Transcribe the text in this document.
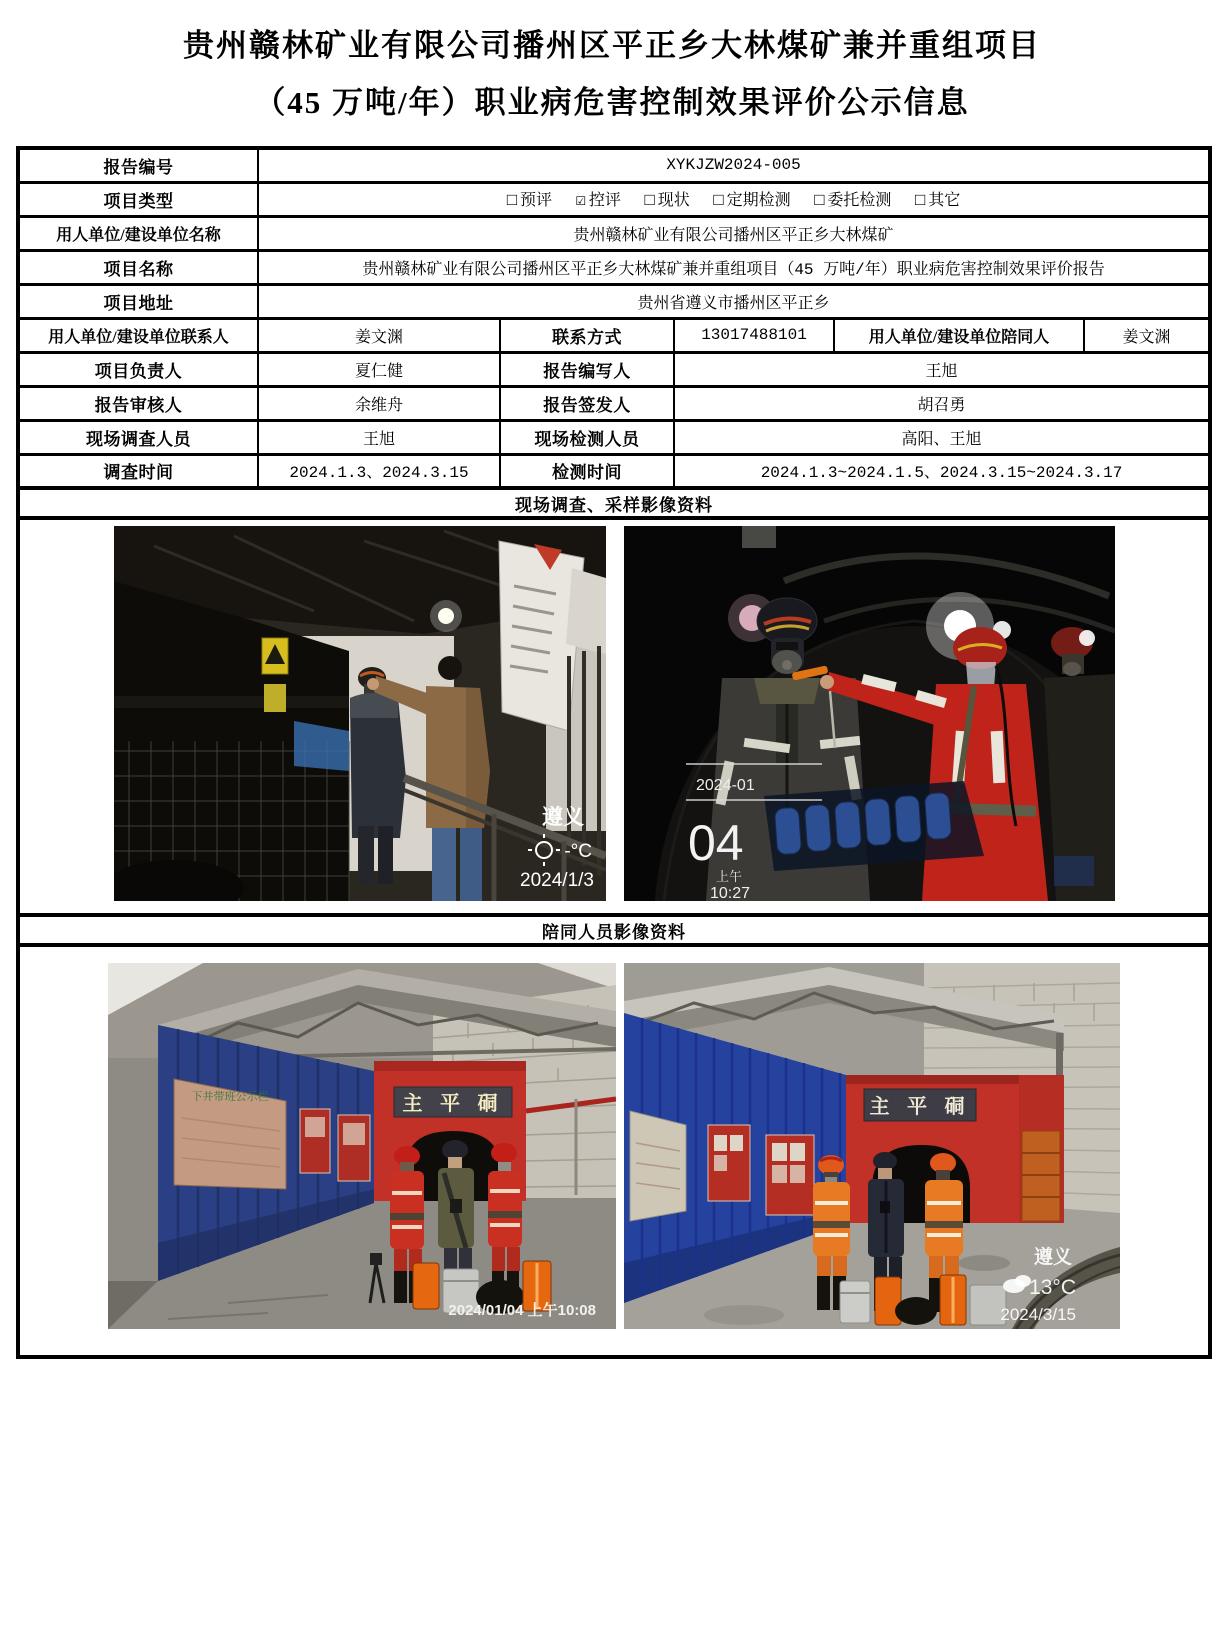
贵州赣林矿业有限公司播州区平正乡大林煤矿兼并重组项目
（45 万吨/年）职业病危害控制效果评价公示信息
报告编号	XYKJZW2024-005				
项目类型	□ 预评 ☑ 控评 □ 现状 □ 定期检测 □ 委托检测 □ 其它				
用人单位/建设单位名称	贵州赣林矿业有限公司播州区平正乡大林煤矿				
项目名称	贵州赣林矿业有限公司播州区平正乡大林煤矿兼并重组项目（45 万吨/年）职业病危害控制效果评价报告				
项目地址	贵州省遵义市播州区平正乡				
用人单位/建设单位联系人	姜文渊	联系方式	13017488101	用人单位/建设单位陪同人	姜文渊
项目负责人	夏仁健	报告编写人	王旭		
报告审核人	余维舟	报告签发人	胡召勇		
现场调查人员	王旭	现场检测人员	高阳、王旭		
调查时间	2024.1.3、2024.3.15	检测时间	2024.1.3~2024.1.5、2024.3.15~2024.3.17		
现场调查、采样影像资料					

遵义
-°C
2024/1/3

2024-01
04
上午
10:27

陪同人员影像资料					

主 平 硐
下井带班公示栏
2024/01/04 上午10:08

主 平 硐
遵义
13°C
2024/3/15
